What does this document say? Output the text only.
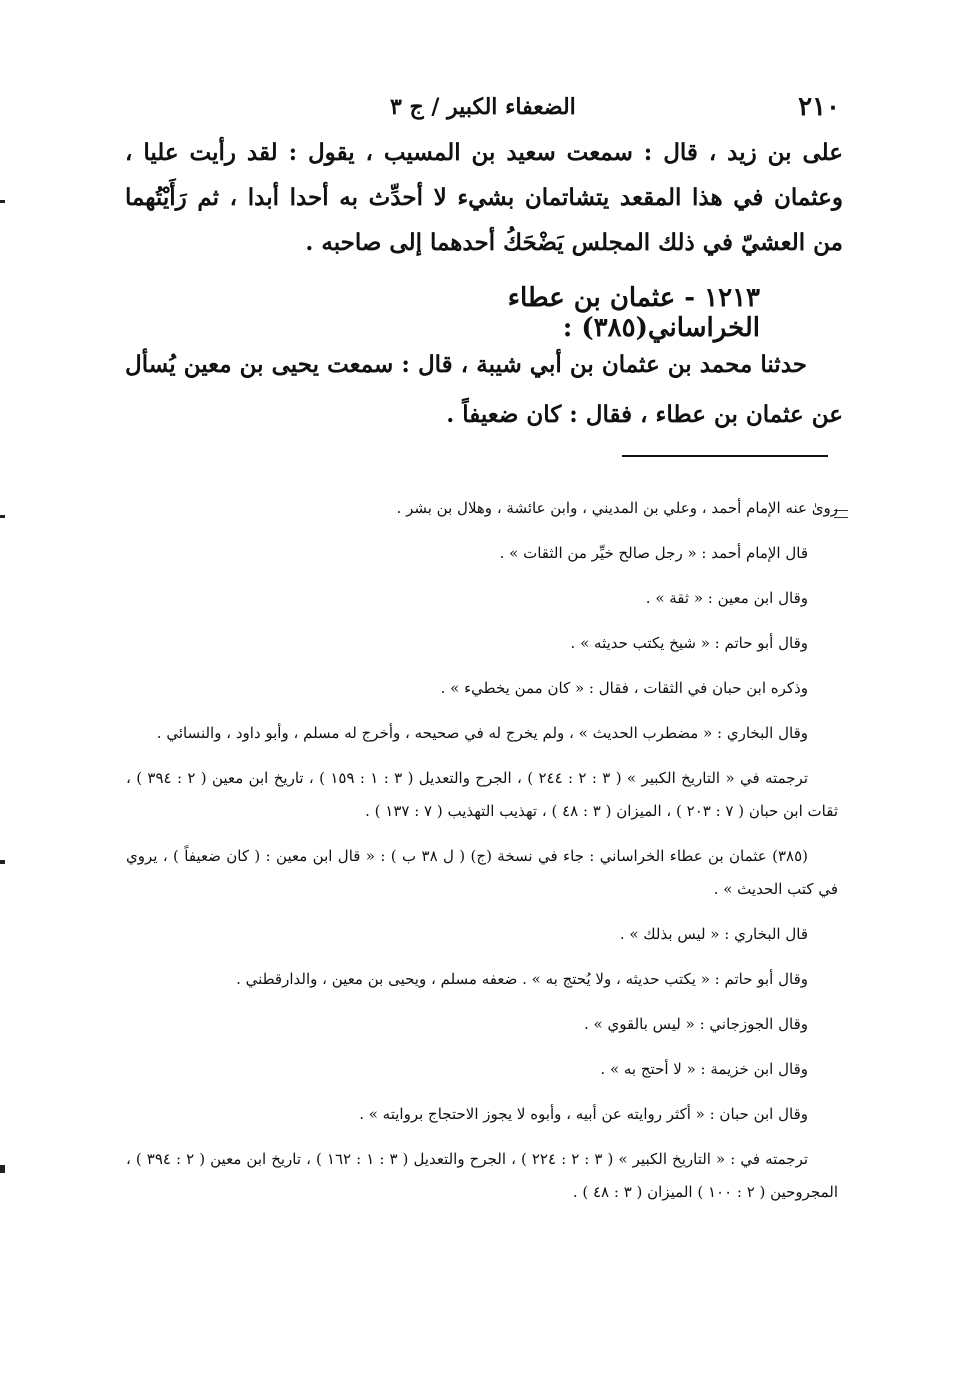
٢١٠
الضعفاء الكبير / ج ٣

على بن زيد ، قال : سمعت سعيد بن المسيب ، يقول : لقد رأيت عليا ، وعثمان في هذا المقعد يتشاتمان بشيء لا أحدِّث به أحدا أبدا ، ثم رَأَيْتُهما من العشيّ في ذلك المجلس يَضْحَكُ أحدهما إلى صاحبه .

١٢١٣ - عثمان بن عطاء الخراساني(٣٨٥) :

حدثنا محمد بن عثمان بن أبي شيبة ، قال : سمعت يحيى بن معين يُسأل عن عثمان بن عطاء ، فقال : كان ضعيفاً .

روىٰ عنه الإمام أحمد ، وعلي بن المديني ، وابن عائشة ، وهلال بن بشر .

قال الإمام أحمد : « رجل صالح خيِّر من الثقات » .

وقال ابن معين : « ثقة » .

وقال أبو حاتم : « شيخ يكتب حديثه » .

وذكره ابن حبان في الثقات ، فقال : « كان ممن يخطيء » .

وقال البخاري : « مضطرب الحديث » ، ولم يخرج له في صحيحه ، وأخرج له مسلم ، وأبو داود ، والنسائي .

ترجمته في « التاريخ الكبير » ( ٣ : ٢ : ٢٤٤ ) ، الجرح والتعديل ( ٣ : ١ : ١٥٩ ) ، تاريخ ابن معين ( ٢ : ٣٩٤ ) ، ثقات ابن حبان ( ٧ : ٢٠٣ ) ، الميزان ( ٣ : ٤٨ ) ، تهذيب التهذيب ( ٧ : ١٣٧ ) .

(٣٨٥) عثمان بن عطاء الخراساني : جاء في نسخة (ج) ( ل ٣٨ ب ) : « قال ابن معين : ( كان ضعيفاً ) ، يروي في كتب الحديث » .

قال البخاري : « ليس بذلك » .

وقال أبو حاتم : « يكتب حديثه ، ولا يُحتج به » . ضعفه مسلم ، ويحيى بن معين ، والدارقطني .

وقال الجوزجاني : « ليس بالقوي » .

وقال ابن خزيمة : « لا أحتج به » .

وقال ابن حبان : « أكثر روايته عن أبيه ، وأبوه لا يجوز الاحتجاج بروايته » .

ترجمته في : « التاريخ الكبير » ( ٣ : ٢ : ٢٢٤ ) ، الجرح والتعديل ( ٣ : ١ : ١٦٢ ) ، تاريخ ابن معين ( ٢ : ٣٩٤ ) ، المجروحين ( ٢ : ١٠٠ ) الميزان ( ٣ : ٤٨ ) .
